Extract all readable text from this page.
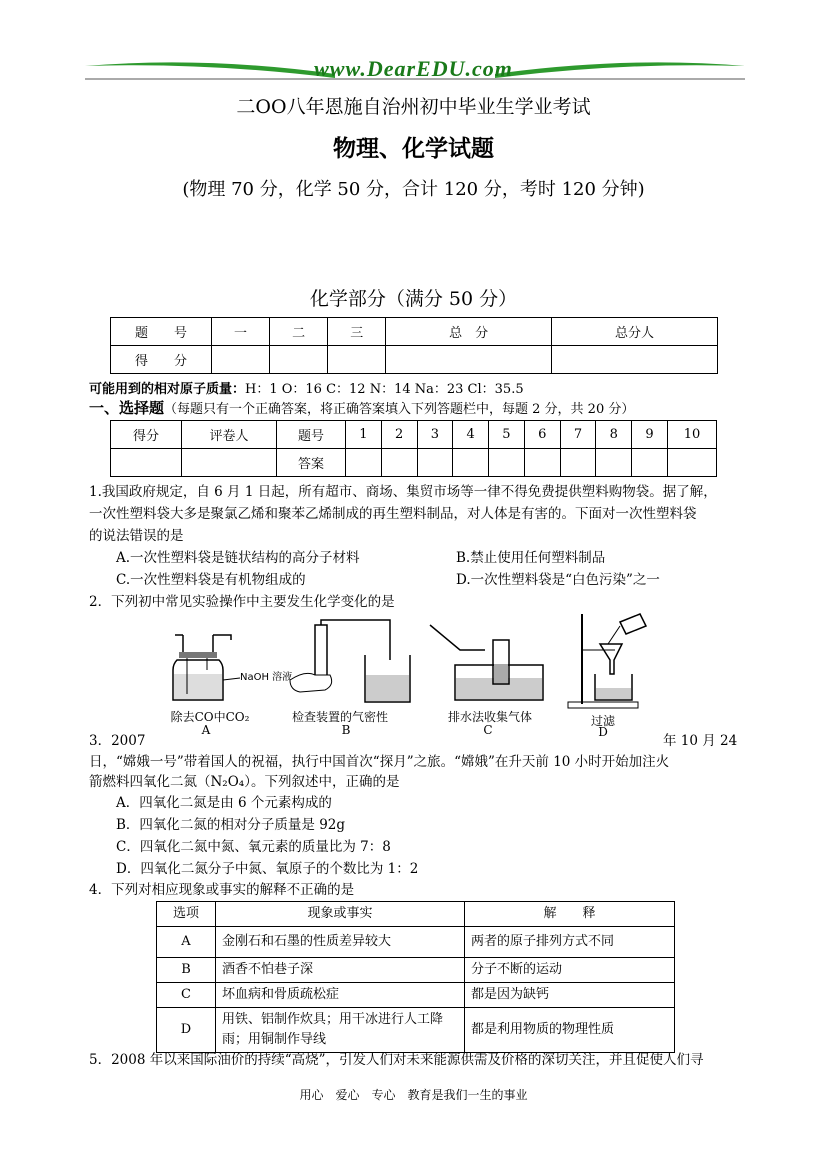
www.DearEDU.com
二OO八年恩施自治州初中毕业生学业考试
物理、化学试题
(物理 70 分，化学 50 分，合计 120 分，考时 120 分钟)
化学部分（满分 50 分）
题　　号	一	二	三	总　分	总分人
得　　分					
可能用到的相对原子质量：H：1 O：16 C：12 N：14 Na：23 Cl：35.5
一、选择题（每题只有一个正确答案，将正确答案填入下列答题栏中，每题 2 分，共 20 分）
得分	评卷人	题号	1	2	3	4	5	6	7	8	9	10
		答案										
1.我国政府规定，自 6 月 1 日起，所有超市、商场、集贸市场等一律不得免费提供塑料购物袋。据了解，
一次性塑料袋大多是聚氯乙烯和聚苯乙烯制成的再生塑料制品，对人体是有害的。下面对一次性塑料袋
的说法错误的是
A.一次性塑料袋是链状结构的高分子材料	B.禁止使用任何塑料制品
C.一次性塑料袋是有机物组成的	D.一次性塑料袋是“白色污染”之一
2．下列初中常见实验操作中主要发生化学变化的是
NaOH 溶液
除去CO中CO₂
A
检查装置的气密性
B
排水法收集气体
C
过滤
D
3．2007	年 10 月 24
日，“嫦娥一号”带着国人的祝福，执行中国首次“探月”之旅。“嫦娥”在升天前 10 小时开始加注火
箭燃料四氧化二氮（N₂O₄）。下列叙述中，正确的是
A．四氧化二氮是由 6 个元素构成的
B．四氧化二氮的相对分子质量是 92g
C．四氧化二氮中氮、氧元素的质量比为 7：8
D．四氧化二氮分子中氮、氧原子的个数比为 1：2
4．下列对相应现象或事实的解释不正确的是
选项	现象或事实	解　　释
A	金刚石和石墨的性质差异较大	两者的原子排列方式不同
B	酒香不怕巷子深	分子不断的运动
C	坏血病和骨质疏松症	都是因为缺钙
D	用铁、铝制作炊具；用干冰进行人工降雨；用铜制作导线	都是利用物质的物理性质
5．2008 年以来国际油价的持续“高烧”，引发人们对未来能源供需及价格的深切关注，并且促使人们寻
用心　爱心　专心　教育是我们一生的事业
